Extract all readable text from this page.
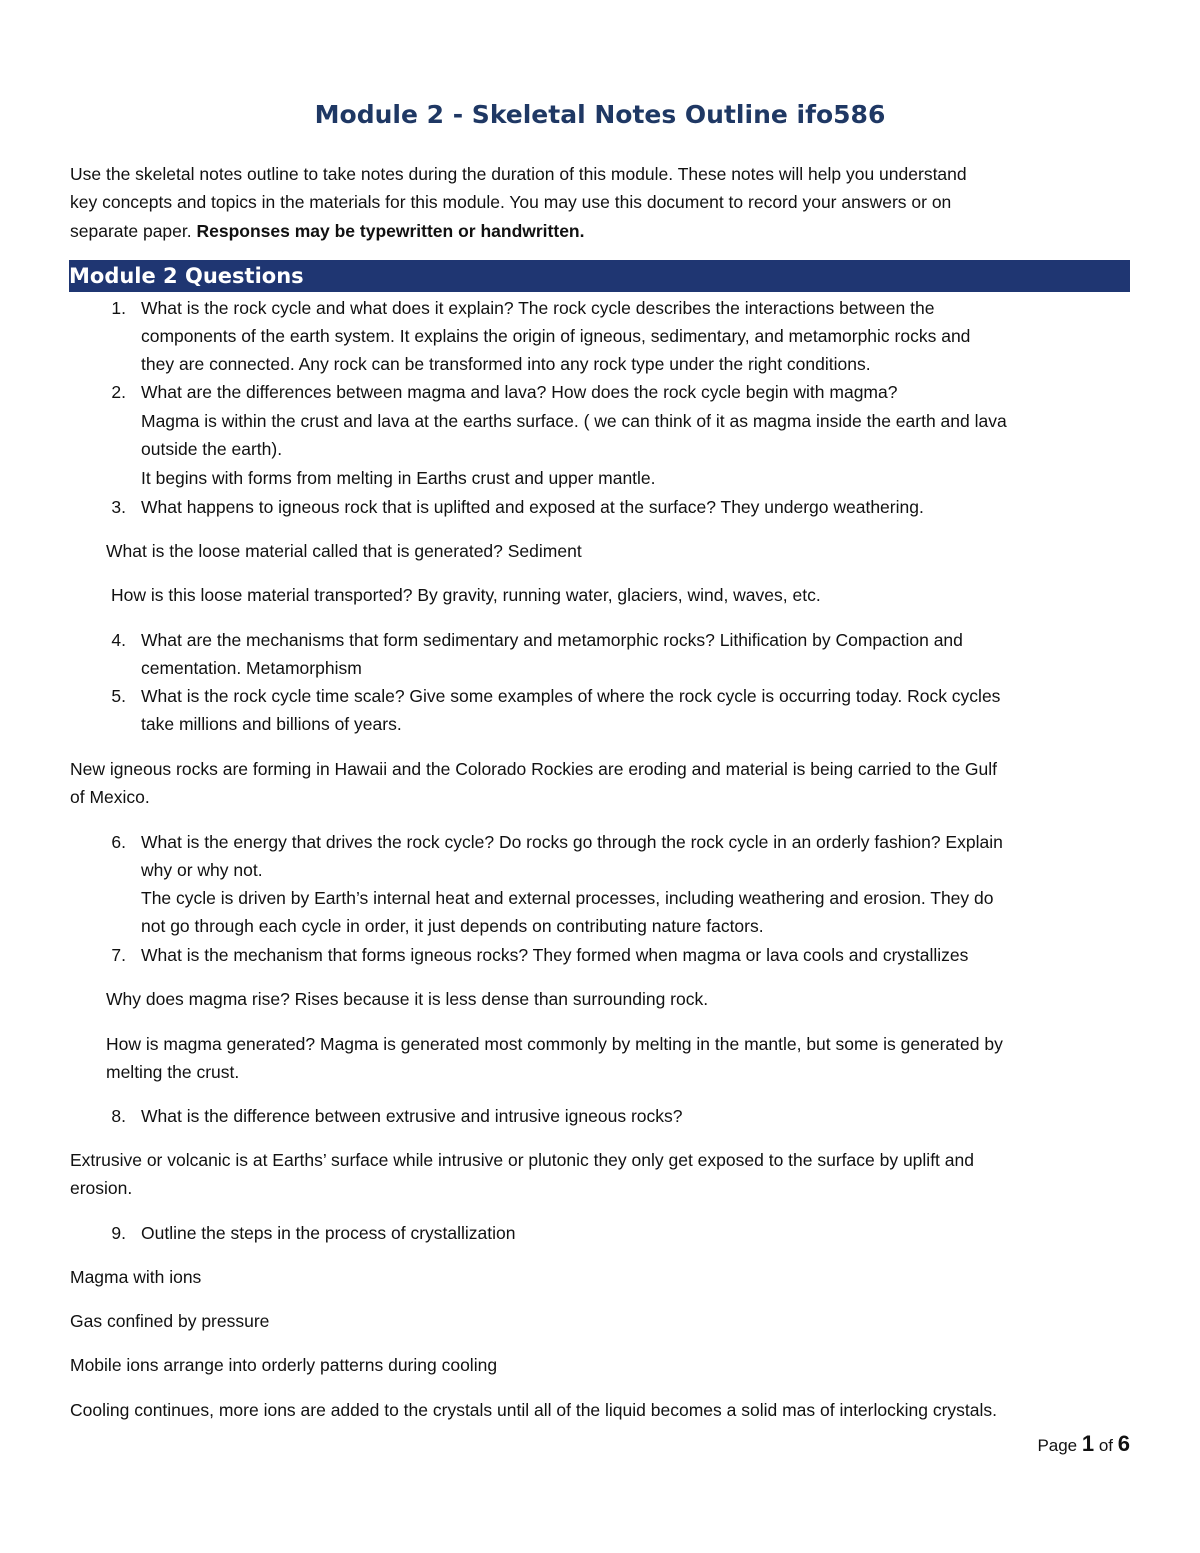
Module 2 - Skeletal Notes Outline ifo586

Use the skeletal notes outline to take notes during the duration of this module. These notes will help you understand

key concepts and topics in the materials for this module. You may use this document to record your answers or on

separate paper. Responses may be typewritten or handwritten.

Module 2 Questions
1. What is the rock cycle and what does it explain? The rock cycle describes the interactions between the

components of the earth system. It explains the origin of igneous, sedimentary, and metamorphic rocks and

they are connected. Any rock can be transformed into any rock type under the right conditions.

2. What are the differences between magma and lava? How does the rock cycle begin with magma?

Magma is within the crust and lava at the earths surface. ( we can think of it as magma inside the earth and lava

outside the earth).

It begins with forms from melting in Earths crust and upper mantle.

3. What happens to igneous rock that is uplifted and exposed at the surface? They undergo weathering.

What is the loose material called that is generated? Sediment

How is this loose material transported? By gravity, running water, glaciers, wind, waves, etc.

4. What are the mechanisms that form sedimentary and metamorphic rocks? Lithification by Compaction and

cementation. Metamorphism

5. What is the rock cycle time scale? Give some examples of where the rock cycle is occurring today. Rock cycles

take millions and billions of years.

New igneous rocks are forming in Hawaii and the Colorado Rockies are eroding and material is being carried to the Gulf

of Mexico.

6. What is the energy that drives the rock cycle? Do rocks go through the rock cycle in an orderly fashion? Explain

why or why not.

The cycle is driven by Earth’s internal heat and external processes, including weathering and erosion. They do

not go through each cycle in order, it just depends on contributing nature factors.

7. What is the mechanism that forms igneous rocks? They formed when magma or lava cools and crystallizes

Why does magma rise? Rises because it is less dense than surrounding rock.

How is magma generated? Magma is generated most commonly by melting in the mantle, but some is generated by

melting the crust.

8. What is the difference between extrusive and intrusive igneous rocks?

Extrusive or volcanic is at Earths’ surface while intrusive or plutonic they only get exposed to the surface by uplift and

erosion.

9. Outline the steps in the process of crystallization

Magma with ions

Gas confined by pressure

Mobile ions arrange into orderly patterns during cooling

Cooling continues, more ions are added to the crystals until all of the liquid becomes a solid mas of interlocking crystals.

Page 1 of 6
